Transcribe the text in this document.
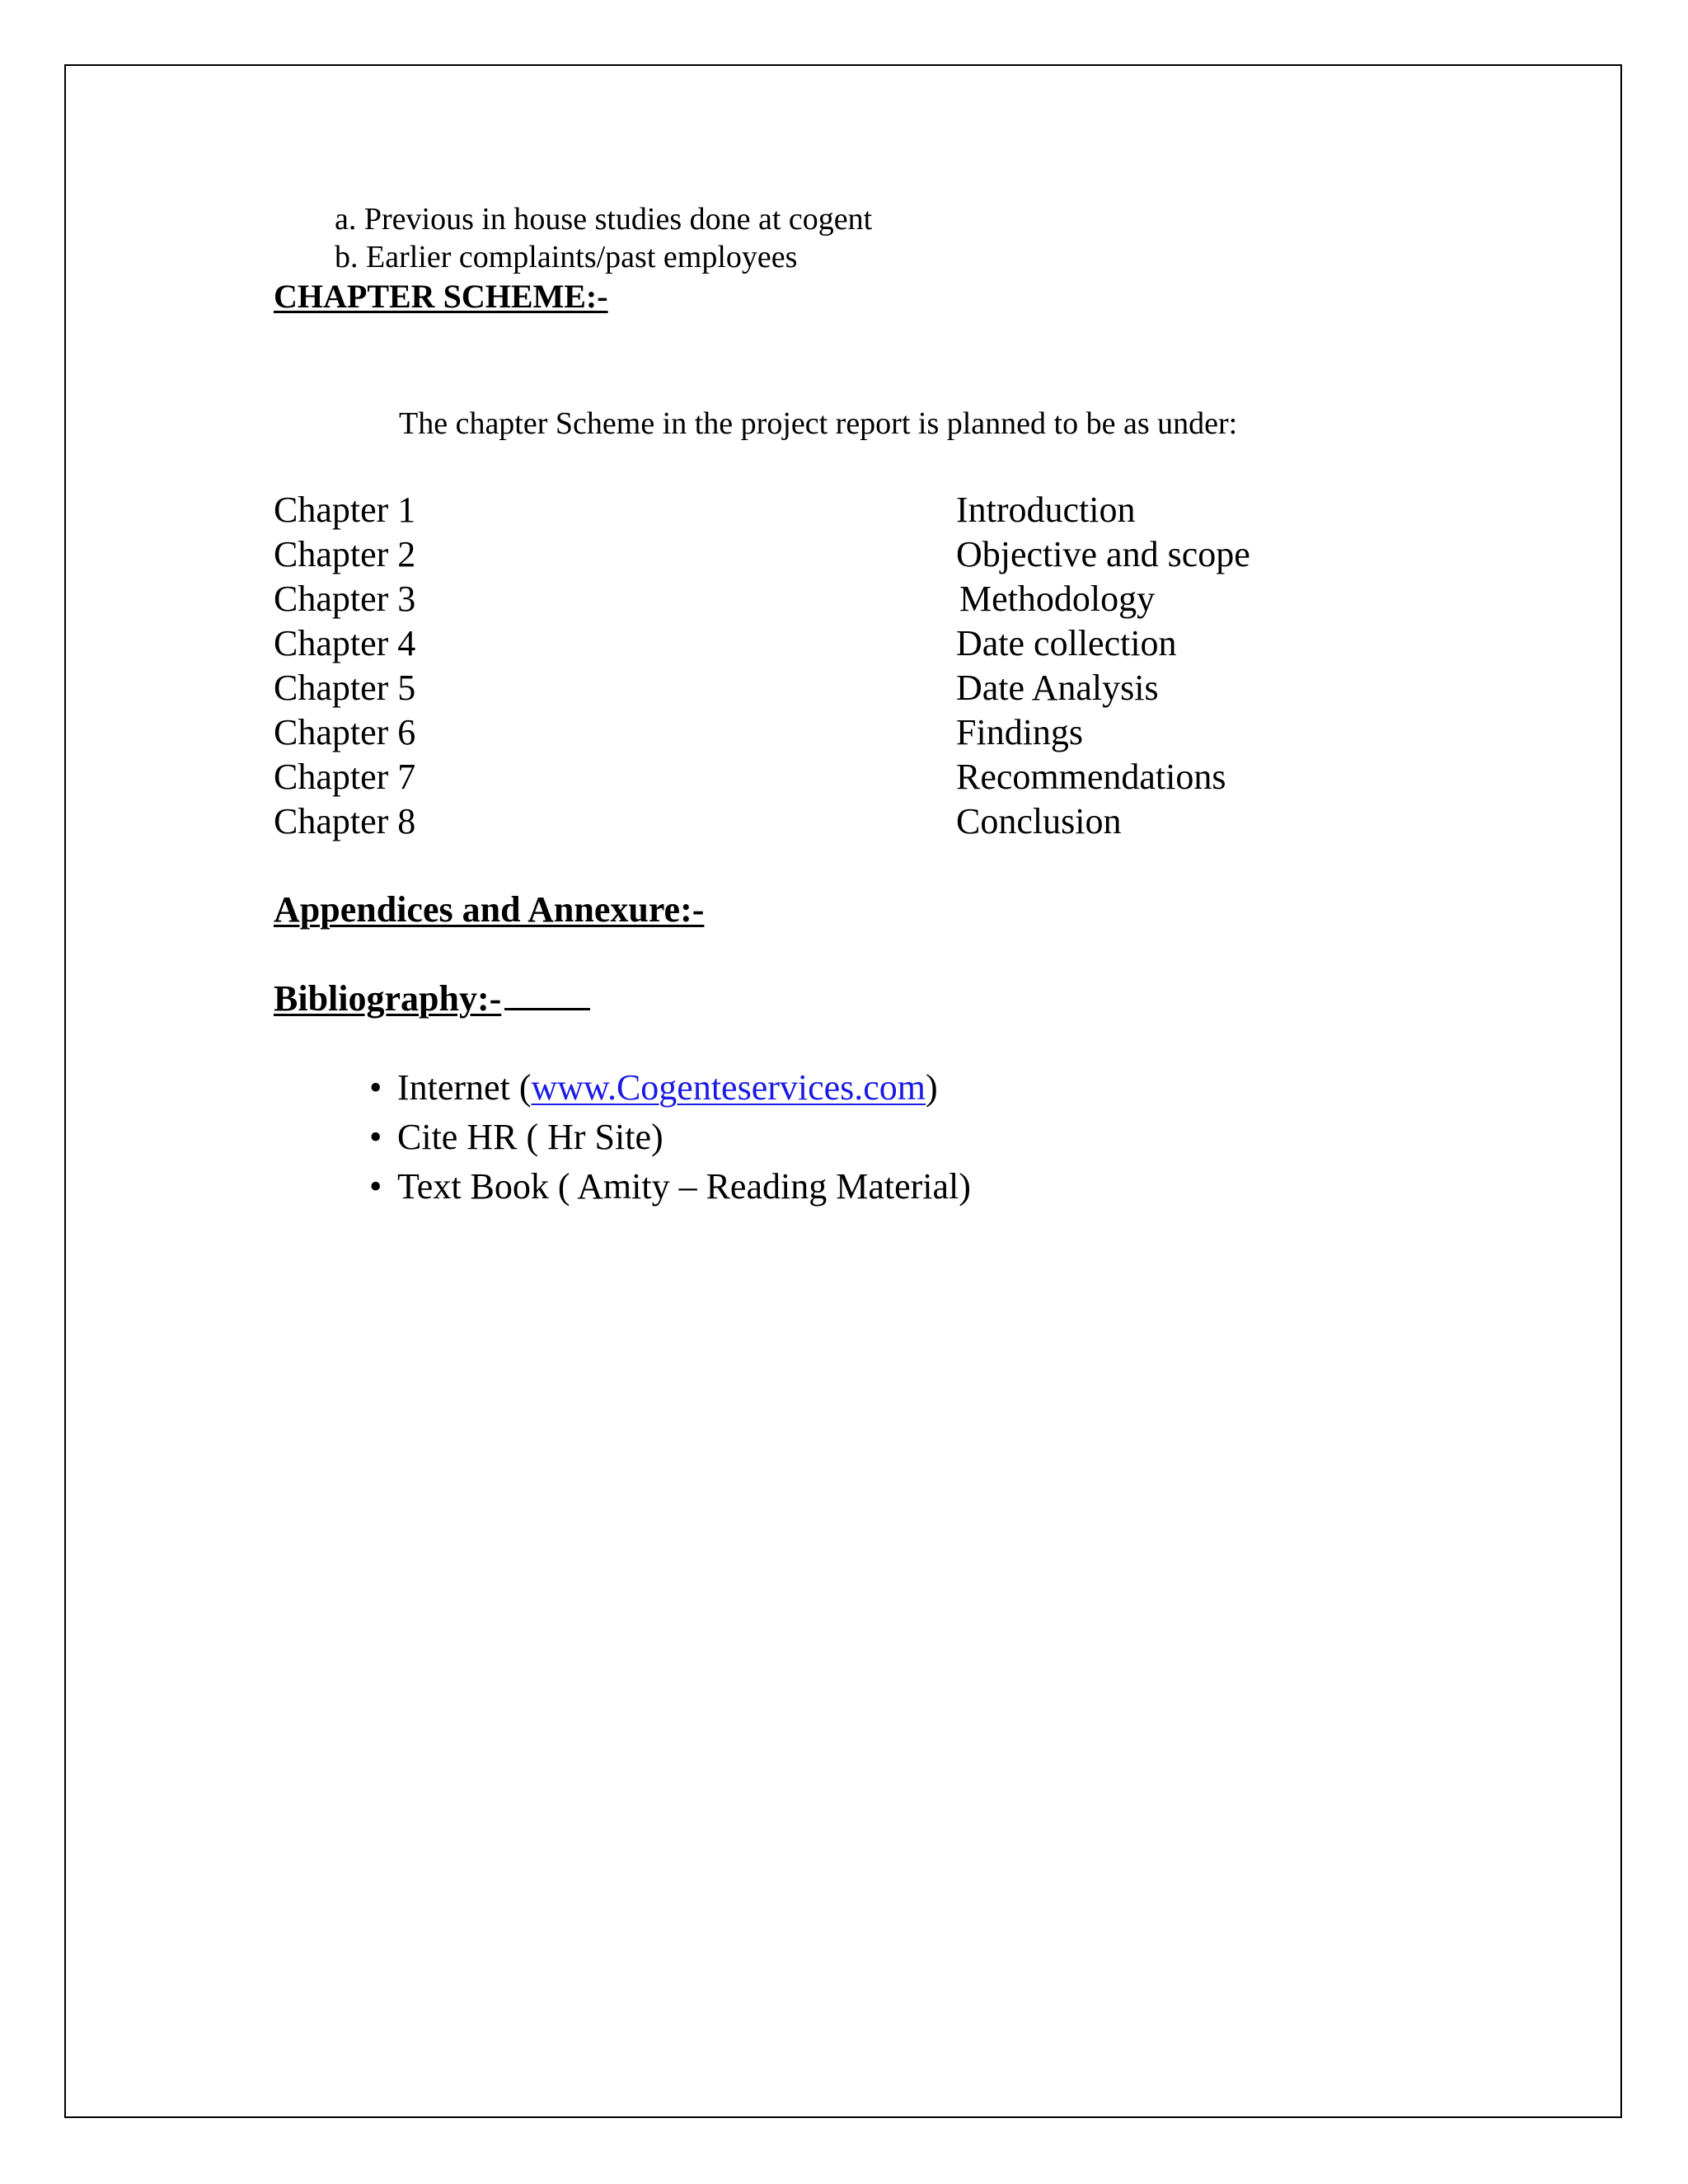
a. Previous in house studies done at cogent
b. Earlier complaints/past employees
CHAPTER SCHEME:-
The chapter Scheme in the project report is planned to be as under:
Chapter 1	Introduction
Chapter 2	Objective and scope
Chapter 3	Methodology
Chapter 4	Date collection
Chapter 5	Date Analysis
Chapter 6	Findings
Chapter 7	Recommendations
Chapter 8	Conclusion
Appendices and Annexure:-
Bibliography:-
• Internet ( www.Cogenteservices.com )
• Cite HR ( Hr Site)
• Text Book ( Amity – Reading Material)
